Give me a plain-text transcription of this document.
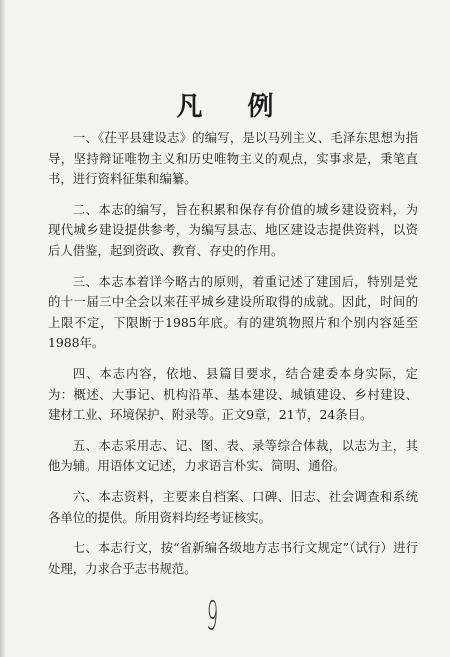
凡 例

一、《茌平县建设志》的编写，是以马列主义、毛泽东思想为指导，坚持辩证唯物主义和历史唯物主义的观点，实事求是，秉笔直书，进行资料征集和编纂。

二、本志的编写，旨在积累和保存有价值的城乡建设资料，为现代城乡建设提供参考，为编写县志、地区建设志提供资料，以资后人借鉴，起到资政、教育、存史的作用。

三、本志本着详今略古的原则，着重记述了建国后，特别是党的十一届三中全会以来茌平城乡建设所取得的成就。因此，时间的上限不定，下限断于1985年底。有的建筑物照片和个别内容延至1988年。

四、本志内容，依地、县篇目要求，结合建委本身实际，定为：概述、大事记、机构沿革、基本建设、城镇建设、乡村建设、建材工业、环境保护、附录等。正文9章，21节，24条目。

五、本志采用志、记、图、表、录等综合体裁，以志为主，其他为辅。用语体文记述，力求语言朴实、简明、通俗。

六、本志资料，主要来自档案、口碑、旧志、社会调查和系统各单位的提供。所用资料均经考证核实。

七、本志行文，按“省新编各级地方志书行文规定”（试行）进行处理，力求合乎志书规范。

9
